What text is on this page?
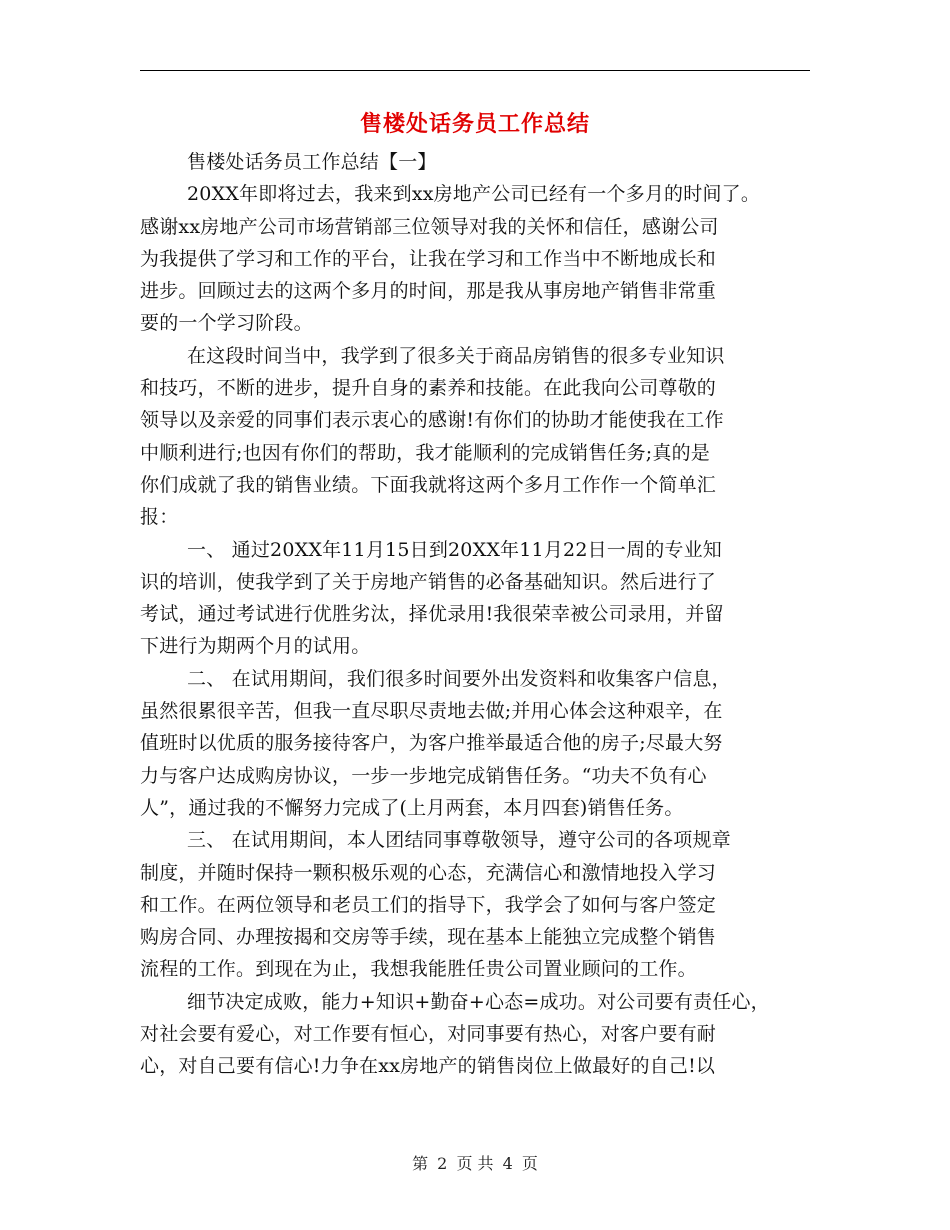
售楼处话务员工作总结
售楼处话务员工作总结【一】
20XX年即将过去，我来到xx房地产公司已经有一个多月的时间了。
感谢xx房地产公司市场营销部三位领导对我的关怀和信任，感谢公司
为我提供了学习和工作的平台，让我在学习和工作当中不断地成长和
进步。回顾过去的这两个多月的时间，那是我从事房地产销售非常重
要的一个学习阶段。
在这段时间当中，我学到了很多关于商品房销售的很多专业知识
和技巧，不断的进步，提升自身的素养和技能。在此我向公司尊敬的
领导以及亲爱的同事们表示衷心的感谢!有你们的协助才能使我在工作
中顺利进行;也因有你们的帮助，我才能顺利的完成销售任务;真的是
你们成就了我的销售业绩。下面我就将这两个多月工作作一个简单汇
报：
一、 通过20XX年11月15日到20XX年11月22日一周的专业知
识的培训，使我学到了关于房地产销售的必备基础知识。然后进行了
考试，通过考试进行优胜劣汰，择优录用!我很荣幸被公司录用，并留
下进行为期两个月的试用。
二、 在试用期间，我们很多时间要外出发资料和收集客户信息，
虽然很累很辛苦，但我一直尽职尽责地去做;并用心体会这种艰辛，在
值班时以优质的服务接待客户，为客户推举最适合他的房子;尽最大努
力与客户达成购房协议，一步一步地完成销售任务。“功夫不负有心
人”，通过我的不懈努力完成了(上月两套，本月四套)销售任务。
三、 在试用期间，本人团结同事尊敬领导，遵守公司的各项规章
制度，并随时保持一颗积极乐观的心态，充满信心和激情地投入学习
和工作。在两位领导和老员工们的指导下，我学会了如何与客户签定
购房合同、办理按揭和交房等手续，现在基本上能独立完成整个销售
流程的工作。到现在为止，我想我能胜任贵公司置业顾问的工作。
细节决定成败，能力+知识+勤奋+心态=成功。对公司要有责任心，
对社会要有爱心，对工作要有恒心，对同事要有热心，对客户要有耐
心，对自己要有信心!力争在xx房地产的销售岗位上做最好的自己!以
第 2 页 共 4 页
